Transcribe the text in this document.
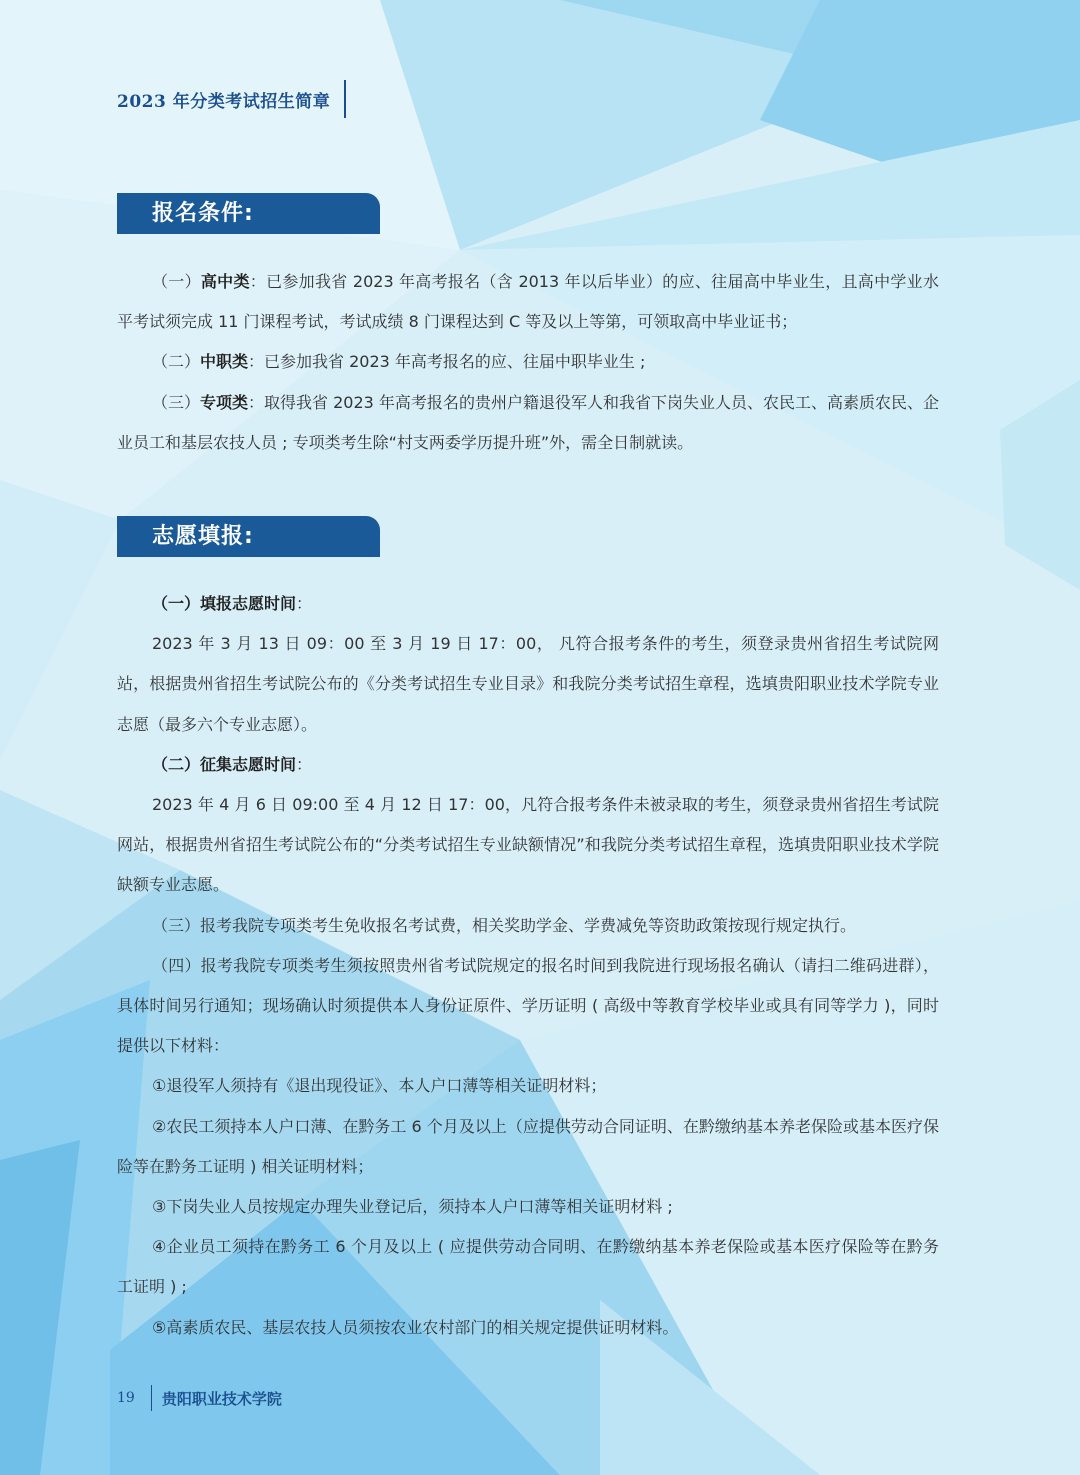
2023 年分类考试招生简章
报名条件:

（一）高中类：已参加我省 2023 年高考报名（含 2013 年以后毕业）的应、往届高中毕业生，且高中学业水平考试须完成 11 门课程考试，考试成绩 8 门课程达到 C 等及以上等第，可领取高中毕业证书；

（二）中职类：已参加我省 2023 年高考报名的应、往届中职毕业生 ;

（三）专项类：取得我省 2023 年高考报名的贵州户籍退役军人和我省下岗失业人员、农民工、高素质农民、企业员工和基层农技人员 ; 专项类考生除“村支两委学历提升班”外，需全日制就读。

志愿填报:

（一）填报志愿时间：

2023 年 3 月 13 日 09：00 至 3 月 19 日 17：00， 凡符合报考条件的考生，须登录贵州省招生考试院网站，根据贵州省招生考试院公布的《分类考试招生专业目录》和我院分类考试招生章程，选填贵阳职业技术学院专业志愿（最多六个专业志愿）。

（二）征集志愿时间：

2023 年 4 月 6 日 09:00 至 4 月 12 日 17：00，凡符合报考条件未被录取的考生，须登录贵州省招生考试院网站，根据贵州省招生考试院公布的“分类考试招生专业缺额情况”和我院分类考试招生章程，选填贵阳职业技术学院缺额专业志愿。

（三）报考我院专项类考生免收报名考试费，相关奖助学金、学费减免等资助政策按现行规定执行。

（四）报考我院专项类考生须按照贵州省考试院规定的报名时间到我院进行现场报名确认（请扫二维码进群），具体时间另行通知；现场确认时须提供本人身份证原件、学历证明 ( 高级中等教育学校毕业或具有同等学力 )，同时提供以下材料：

①退役军人须持有《退出现役证》、本人户口薄等相关证明材料；

②农民工须持本人户口薄、在黔务工 6 个月及以上（应提供劳动合同证明、在黔缴纳基本养老保险或基本医疗保险等在黔务工证明 ) 相关证明材料；

③下岗失业人员按规定办理失业登记后，须持本人户口薄等相关证明材料 ;

④企业员工须持在黔务工 6 个月及以上 ( 应提供劳动合同明、在黔缴纳基本养老保险或基本医疗保险等在黔务工证明 ) ;

⑤高素质农民、基层农技人员须按农业农村部门的相关规定提供证明材料。

19 贵阳职业技术学院
